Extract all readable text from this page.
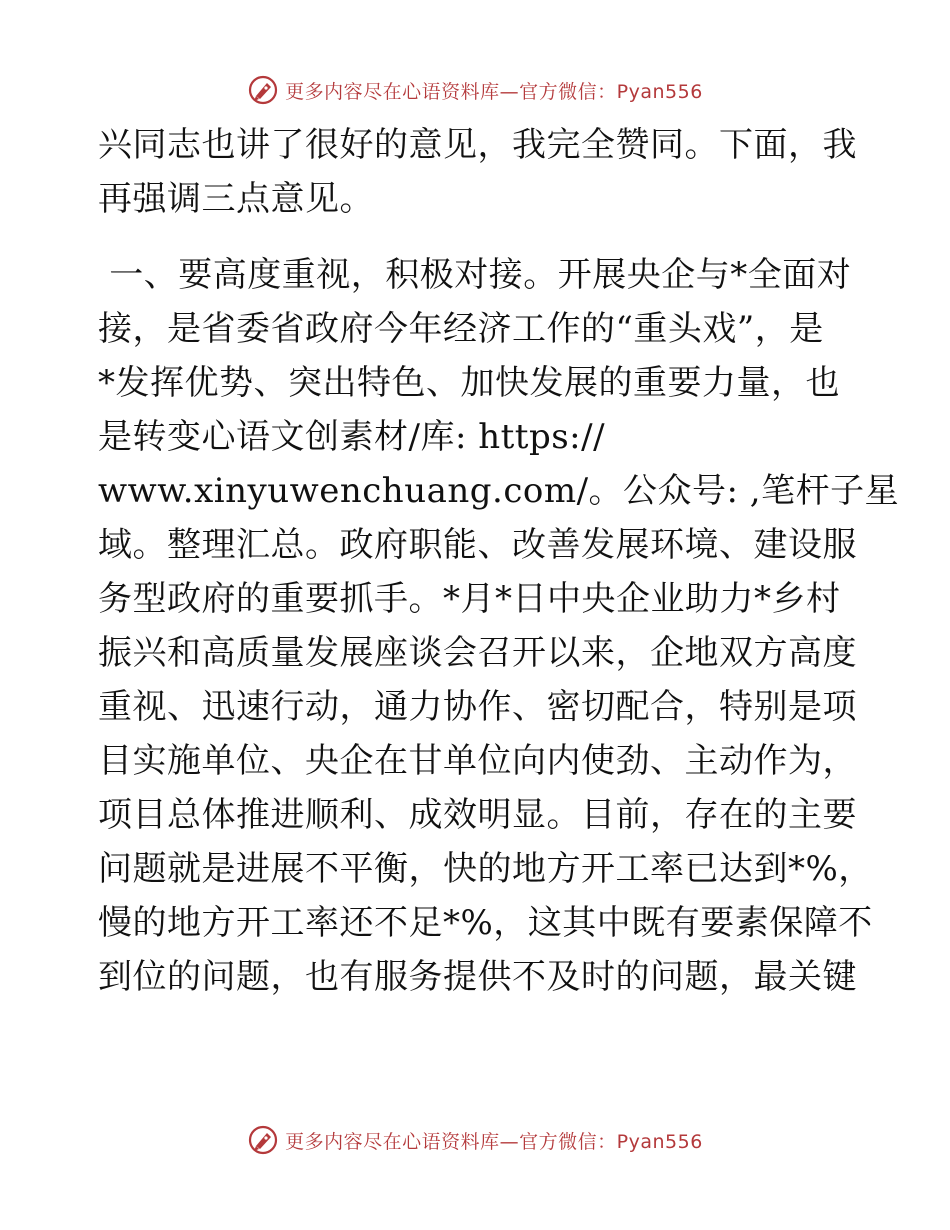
更多内容尽在心语资料库—官方微信：Pyan556
兴同志也讲了很好的意见，我完全赞同。下面，我
再强调三点意见。
一、要高度重视，积极对接。开展央企与*全面对
接，是省委省政府今年经济工作的“重头戏”，是
*发挥优势、突出特色、加快发展的重要力量，也
是转变心语文创素材/库: https://
www.xinyuwenchuang.com/。公众号: ,笔杆子星
域。整理汇总。政府职能、改善发展环境、建设服
务型政府的重要抓手。*月*日中央企业助力*乡村
振兴和高质量发展座谈会召开以来，企地双方高度
重视、迅速行动，通力协作、密切配合，特别是项
目实施单位、央企在甘单位向内使劲、主动作为，
项目总体推进顺利、成效明显。目前，存在的主要
问题就是进展不平衡，快的地方开工率已达到*%，
慢的地方开工率还不足*%，这其中既有要素保障不
到位的问题，也有服务提供不及时的问题，最关键
更多内容尽在心语资料库—官方微信：Pyan556
